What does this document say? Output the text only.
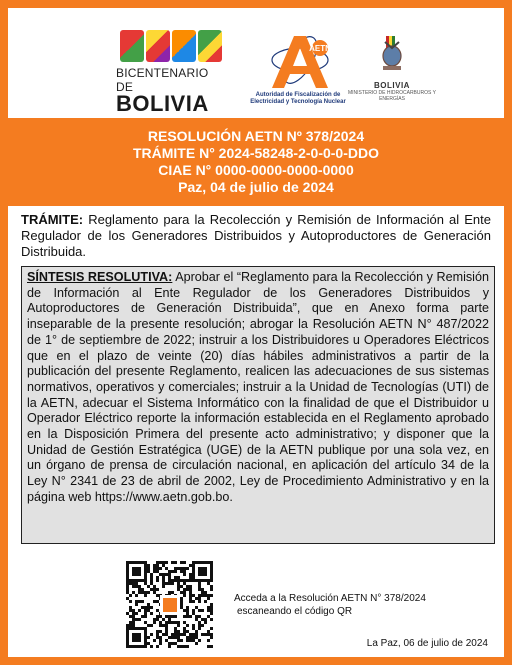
BICENTENARIO DE
BOLIVIA
AETN
Autoridad de Fiscalización de Electricidad y Tecnología Nuclear
BOLIVIA
MINISTERIO DE HIDROCARBUROS Y ENERGÍAS
RESOLUCIÓN AETN Nº 378/2024
TRÁMITE N° 2024-58248-2-0-0-0-DDO
CIAE N° 0000-0000-0000-0000
Paz, 04 de julio de 2024
TRÁMITE: Reglamento para la Recolección y Remisión de Información al Ente Regulador de los Generadores Distribuidos y Autoproductores de Generación Distribuida.
SÍNTESIS RESOLUTIVA: Aprobar el “Reglamento para la Recolección y Remisión de Información al Ente Regulador de los Generadores Distribuidos y Autoproductores de Generación Distribuida”, que en Anexo forma parte inseparable de la presente resolución; abrogar la Resolución AETN N° 487/2022 de 1° de septiembre de 2022; instruir a los Distribuidores u Operadores Eléctricos que en el plazo de veinte (20) días hábiles administrativos a partir de la publicación del presente Reglamento, realicen las adecuaciones de sus sistemas normativos, operativos y comerciales; instruir a la Unidad de Tecnologías (UTI) de la AETN, adecuar el Sistema Informático con la finalidad de que el Distribuidor u Operador Eléctrico reporte la información establecida en el Reglamento aprobado en la Disposición Primera del presente acto administrativo; y disponer que la Unidad de Gestión Estratégica (UGE) de la AETN publique por una sola vez, en un órgano de prensa de circulación nacional, en aplicación del artículo 34 de la Ley N° 2341 de 23 de abril de 2002, Ley de Procedimiento Administrativo y en la página web https://www.aetn.gob.bo.
Acceda a la Resolución AETN N° 378/2024
escaneando el código QR
La Paz, 06 de julio de 2024
